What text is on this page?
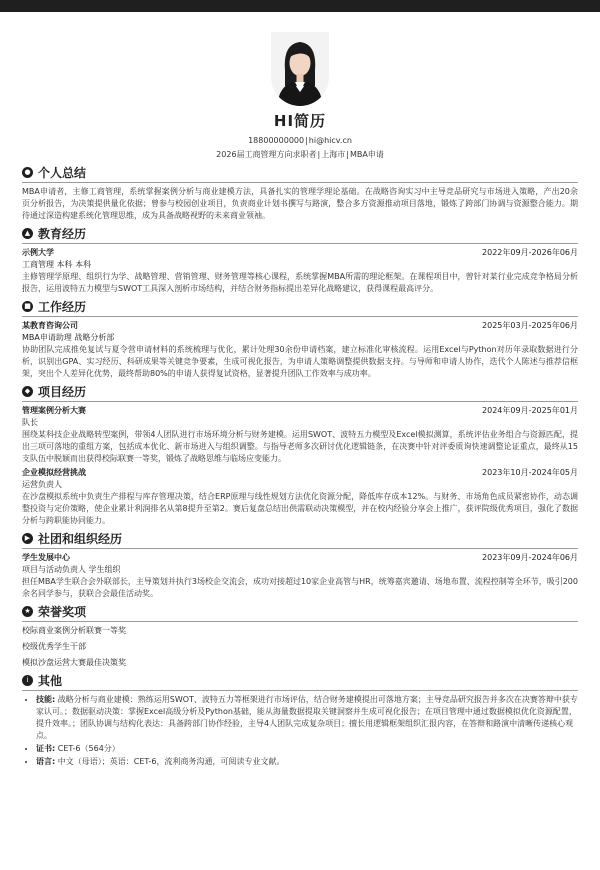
HI简历
18800000000|hi@hicv.cn
2026届工商管理方向求职者|上海市|MBA申请
● 个人总结
MBA申请者，主修工商管理，系统掌握案例分析与商业建模方法，具备扎实的管理学理论基础。在战略咨询实习中主导竞品研究与市场进入策略，产出20余页分析报告，为决策提供量化依据；曾参与校园创业项目，负责商业计划书撰写与路演，整合多方资源推动项目落地，锻炼了跨部门协调与资源整合能力。期待通过深造构建系统化管理思维，成为具备战略视野的未来商业领袖。
▲ 教育经历
示例大学	2022年09月-2026年06月
工商管理 本科 本科
主修管理学原理、组织行为学、战略管理、营销管理、财务管理等核心课程，系统掌握MBA所需的理论框架。在课程项目中，曾针对某行业完成竞争格局分析报告，运用波特五力模型与SWOT工具深入剖析市场结构，并结合财务指标提出差异化战略建议，获得课程最高评分。
■ 工作经历
某教育咨询公司	2025年03月-2025年06月
MBA申请助理 战略分析部
协助团队完成推免复试与夏令营申请材料的系统梳理与优化，累计处理30余份申请档案，建立标准化审核流程。运用Excel与Python对历年录取数据进行分析，识别出GPA、实习经历、科研成果等关键竞争要素，生成可视化报告，为申请人策略调整提供数据支持。与导师和申请人协作，迭代个人陈述与推荐信框架，突出个人差异化优势，最终帮助80%的申请人获得复试资格，显著提升团队工作效率与成功率。
◆ 项目经历
管理案例分析大赛	2024年09月-2025年01月
队长
围绕某科技企业战略转型案例，带领4人团队进行市场环境分析与财务建模。运用SWOT、波特五力模型及Excel模拟测算，系统评估业务组合与资源匹配，提出三项可落地的重组方案，包括成本优化、新市场进入与组织调整。与指导老师多次研讨优化逻辑链条，在决赛中针对评委质询快速调整论证重点，最终从15支队伍中脱颖而出获得校际联赛一等奖，锻炼了战略思维与临场应变能力。
企业模拟经营挑战	2023年10月-2024年05月
运营负责人
在沙盘模拟系统中负责生产排程与库存管理决策，结合ERP原理与线性规划方法优化资源分配，降低库存成本12%。与财务、市场角色成员紧密协作，动态调整投资与定价策略，使企业累计利润排名从第8提升至第2。赛后复盘总结出供需联动决策模型，并在校内经验分享会上推广，获评院级优秀项目，强化了数据分析与跨职能协同能力。
▶ 社团和组织经历
学生发展中心	2023年09月-2024年06月
项目与活动负责人 学生组织
担任MBA学生联合会外联部长，主导策划并执行3场校企交流会，成功对接超过10家企业高管与HR，统筹嘉宾邀请、场地布置、流程控制等全环节，吸引200余名同学参与，获联合会最佳活动奖。
★ 荣誉奖项
校际商业案例分析联赛一等奖
校级优秀学生干部
模拟沙盘运营大赛最佳决策奖
i 其他
• 技能: 战略分析与商业建模：熟练运用SWOT、波特五力等框架进行市场评估，结合财务建模提出可落地方案；主导竞品研究报告并多次在决赛答辩中获专家认可。；数据驱动决策：掌握Excel高级分析及Python基础，能从海量数据提取关键洞察并生成可视化报告；在项目管理中通过数据模拟优化资源配置，提升效率。；团队协调与结构化表达：具备跨部门协作经验，主导4人团队完成复杂项目；擅长用逻辑框架组织汇报内容，在答辩和路演中清晰传递核心观点。
• 证书: CET-6（564分）
• 语言: 中文（母语）；英语：CET-6，流利商务沟通，可阅读专业文献。
